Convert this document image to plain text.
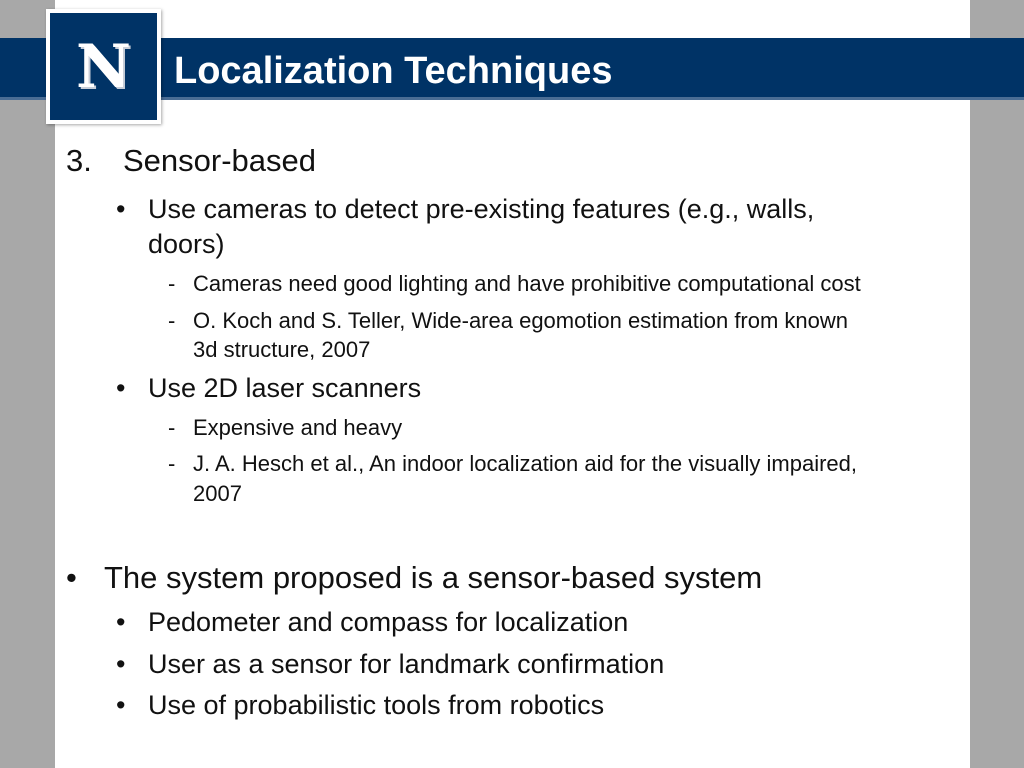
N Localization Techniques
3. Sensor-based
• Use cameras to detect pre-existing features (e.g., walls,
doors)
- Cameras need good lighting and have prohibitive computational cost
- O. Koch and S. Teller, Wide-area egomotion estimation from known
3d structure, 2007
• Use 2D laser scanners
- Expensive and heavy
- J. A. Hesch et al., An indoor localization aid for the visually impaired,
2007
• The system proposed is a sensor-based system
• Pedometer and compass for localization
• User as a sensor for landmark confirmation
• Use of probabilistic tools from robotics
